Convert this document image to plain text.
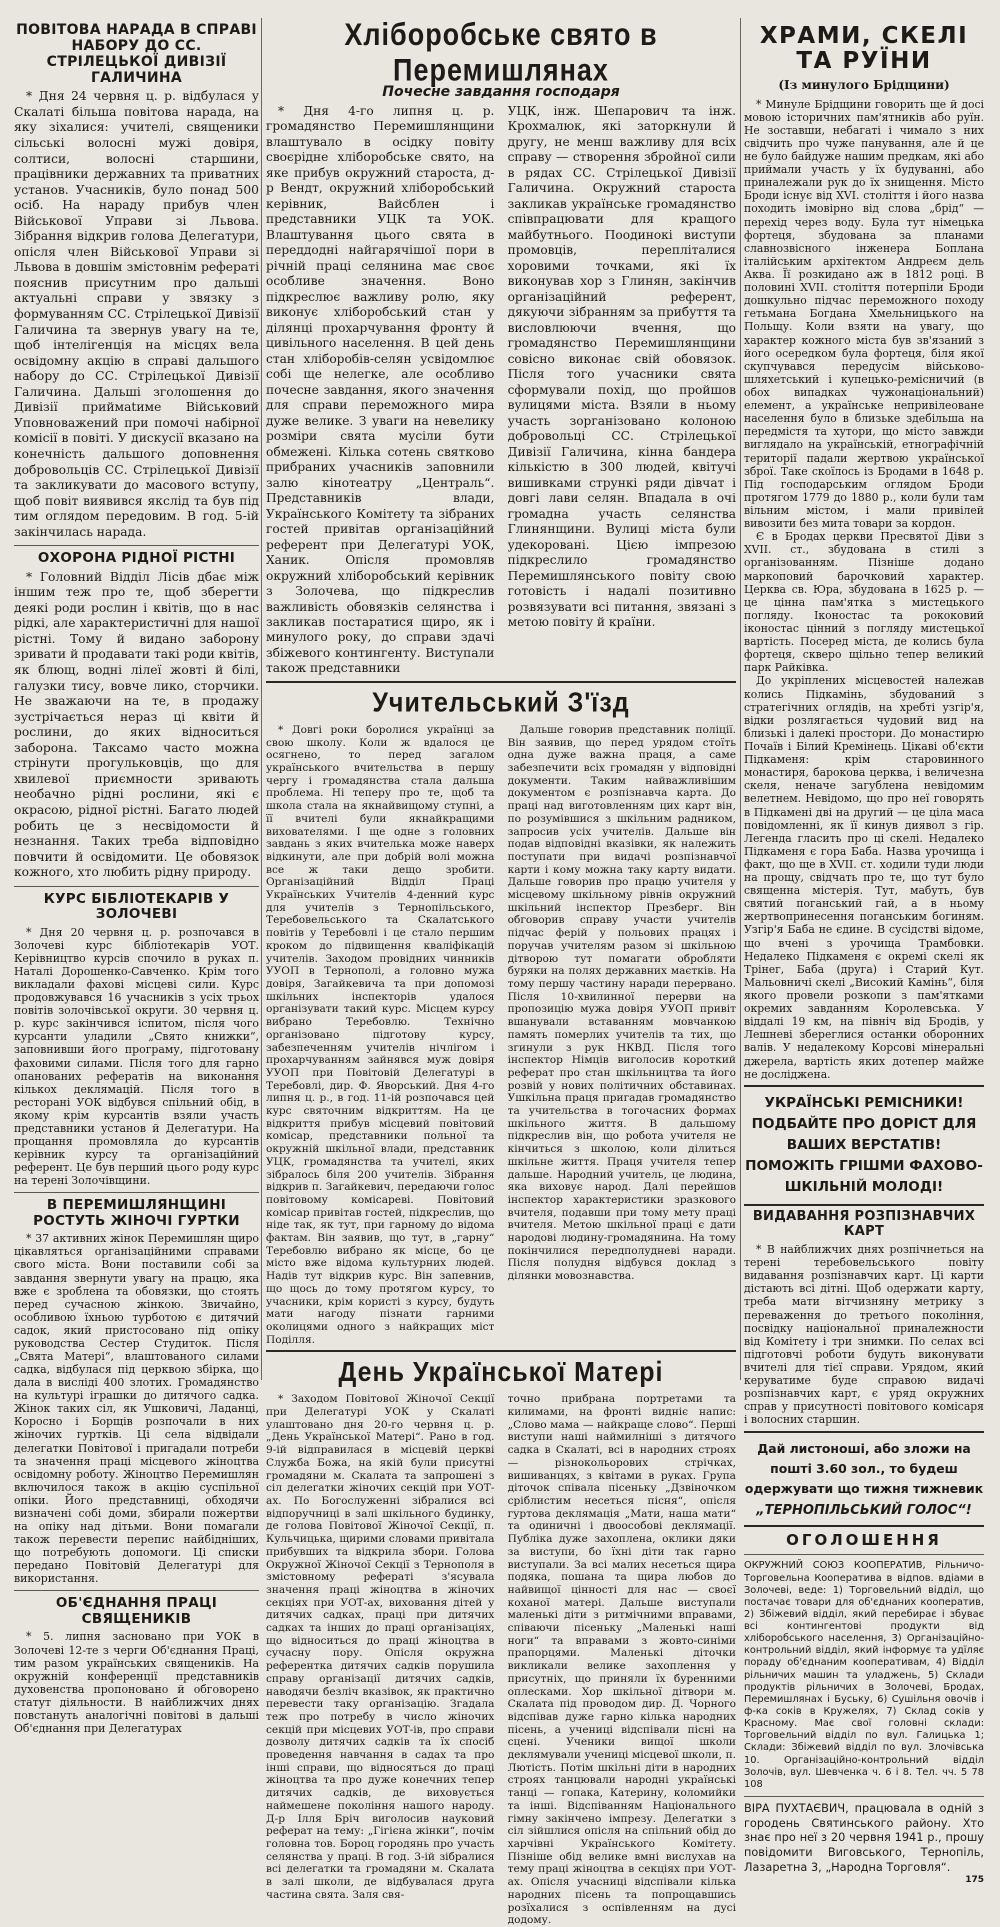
ПОВІТОВА НАРАДА В СПРАВІ НАБОРУ ДО СС. СТРІЛЕЦЬКОЇ ДИВІЗІЇ ГАЛИЧИНА

* Дня 24 червня ц. р. відбулася у Скалаті більша повітова нарада, на яку зіхалися: учителі, священики сільські волосні мужі довіря, солтиси, волосні старшини, працівники державних та приватних установ. Учасників, було понад 500 осіб. На нараду прибув член Військової Управи зі Львова. Зібрання відкрив голова Делегатури, опісля член Військової Управи зі Львова в довшім змістовнім рефераті пояснив присутним про дальші актуальні справи у звязку з формуванням СС. Стрілецької Дивізії Галичина та звернув увагу на те, щоб інтелігенція на місцях вела освідомну акцію в справі дальшого набору до СС. Стрілецької Дивізії Галичина. Дальші зголошення до Дивізії приймаtиме Військовий Уповноважений при помочі набірної комісії в повіті. У дискусії вказано на конечність дальшого доповнення добровольців СС. Стрілецької Дивізії та закликувати до масового вступу, щоб повіт виявився якслід та був під тим оглядом передовим. В год. 5-ій закінчилась нарада.

ОХОРОНА РІДНОЇ РІСТНІ

* Головний Відділ Лісів дбає між іншим теж про те, щоб зберегти деякі роди рослин і квітів, що в нас рідкі, але характеристичні для нашої рістні. Тому й видано заборону зривати й продавати такі роди квітів, як блющ, водні лілеї жовті й білі, галузки тису, вовче лико, сторчики. Не зважаючи на те, в продажу зустрічається нераз ці квіти й рослини, до яких відноситься заборона. Таксамо часто можна стрінути прогульковців, що для хвилевої приємности зривають необачно рідні рослини, які є окрасою, рідної рістні. Багато людей робить це з несвідомости й незнання. Таких треба відповідно повчити й освідомити. Це обовязок кожного, хто любить рідну природу.

КУРС БІБЛІОТЕКАРІВ У ЗОЛОЧЕВІ

* Дня 20 червня ц. р. розпочався в Золочеві курс бібліотекарів УОТ. Керівництво курсів спочило в руках п. Наталі Дорошенко-Савченко. Крім того викладали фахові місцеві сили. Курс продовжувався 16 учасників з усіх трьох повітів золочівської округи. 30 червня ц. р. курс закінчився іспитом, після чого курсанти уладили „Свято книжки“, заповнивши його програму, підготовану фаховими силами. Після того для гарно опанованих рефератів на виконання кількох деклямацій. Після того в ресторані УОК відбувся спільний обід, в якому крім курсантів взяли участь представники установ й Делегатури. На прощання промовляла до курсантів керівник курсу та організаційний референт. Це був перший цього роду курс на терені Золочівщини.

В ПЕРЕМИШЛЯНЩИНІ РОСТУТЬ ЖІНОЧІ ГУРТКИ

* 37 активних жінок Перемишлян щиро цікавляться організаційними справами свого міста. Вони поставили собі за завдання звернути увагу на працю, яка вже є зроблена та обовязки, що стоять перед сучасною жінкою. Звичайно, особливою їхньою турботою є дитячий садок, який пристосовано під опіку руководства Сестер Студиток. Після „Свята Матері“, влаштованого силами садка, відбулася під церквою збірка, що дала в висліді 400 злотих. Громадянство на культурі іграшки до дитячого садка. Жінок таких сіл, як Ушковичі, Ладанці, Коросно і Борщів розпочали в них жіночих гуртків. Ці села відвідали делегатки Повітової і пригадали потреби та значення праці місцевого жіноцтва освідомну роботу. Жіноцтво Перемишлян включилося також в акцію суспільної опіки. Його представниці, обходячи визначені собі доми, збирали пожертви на опіку над дітьми. Вони помагали також перевести перепис найбідніших, що потребують допомоги. Ці списки передано Повітовій Делегатурі для використання.

ОБ'ЄДНАННЯ ПРАЦІ СВЯЩЕНИКІВ

* 5. липня засновано при УОК в Золочеві 12-те з черги Об'єднання Праці, тим разом українських священиків. На окружній конференції представників духовенства пропоновано й обговорено статут діяльности. В найближчих днях повстануть аналогічні повітові в дальші Об'єднання при Делегатурах

Хліборобське свято в Перемишлянах
Почесне завдання господаря

* Дня 4-го липня ц. р. громадянство Перемишлянщини влаштувало в осідку повіту своєрідне хліборобське свято, на яке прибув окружний староста, д-р Вендт, окружний хліборобський керівник, Вайсблен і представники УЦК та УОК. Влаштування цього свята в переддодні найгарячішої пори в річній праці селянина має своє особливе значення. Воно підкреслює важливу ролю, яку виконує хліборобський стан у ділянці прохарчування фронту й цивільного населення. В цей день стан хліборобів-селян усвідомлює собі ще нелегке, але особливо почесне завдання, якого значення для справи переможного мира дуже велике. З уваги на невелику розміри свята мусіли бути обмежені. Кілька сотень святково прибраних учасників заповнили залю кінотеатру „Централь“. Представників влади, Українського Комітету та зібраних гостей привітав організаційний референт при Делегатурі УОК, Ханик. Опісля промовляв окружний хліборобський керівник з Золочева, що підкреслив важливість обовязків селянства і закликав постаратися щиро, як і минулого року, до справи здачі збіжевого контингенту. Виступали також представники

УЦК, інж. Шепарович та інж. Крохмалюк, які заторкнули й другу, не менш важливу для всіх справу — створення збройної сили в рядах СС. Стрілецької Дивізії Галичина. Окружний староста закликав українське громадянство співпрацювати для кращого майбутнього. Поодинокі виступи промовців, перепліталися хоровими точками, які їх виконував хор з Глинян, закінчив організаційний референт, дякуючи зібранням за прибуття та висловлюючи вчення, що громадянство Перемишлянщини совісно виконає свій обовязок. Після того учасники свята сформували похід, що пройшов вулицями міста. Взяли в ньому участь зорганізовано колоною добровольці СС. Стрілецької Дивізії Галичина, кінна бандера кількістю в 300 людей, квітучі вишивками стрункі ряди дівчат і довгі лави селян. Впадала в очі громадна участь селянства Глинянщини. Вулиці міста були удекоровані. Цією імпрезою підкреслило громадянство Перемишлянського повіту свою готовість і надалі позитивно розвязувати всі питання, звязані з метою повіту й країни.

Учительський З'їзд

* Довгі роки боролися українці за свою школу. Коли ж вдалося це осягнено, то перед загалом українського вчительства в першу чергу і громадянства стала дальша проблема. Ні теперу про те, щоб та школа стала на якнайвищому ступні, а її вчителі були якнайкращими вихователями. І ще одне з головних завдань з яких вчителька може наверх відкинути, але при добрій волі можна все ж таки дещо зробити. Організаційний Відділ Праці Українських Учителів 4-денний курс для учителів з Тернопільського, Теребовельського та Скалатського повітів у Теребовлі і це стало першим кроком до підвищення кваліфікацій учителів. Заходом провідних чинників УУОП в Тернополі, а головно мужа довіря, Загайкевича та при допомозі шкільних інспекторів удалося організувати такий курс. Місцем курсу вибрано Теребовлю. Технічно організовано підготову курсу, забезпеченням учителів нічлігом і прохарчуванням зайнявся муж довіря УУОП при Повітовій Делегатурі в Теребовлі, дир. Ф. Яворський. Дня 4-го липня ц. р., в год. 11-ій розпочався цей курс святочним відкриттям. На це відкриття прибув місцевий повітовий комісар, представники польної та окружній шкільної влади, представник УЦК, громадянства та учителі, яких зібралось біля 200 учителів. Зібрання відкрив п. Загайкевич, передаючи голос повітовому комісареві. Повітовий комісар привітав гостей, підкреслив, що ніде так, як тут, при гарному до відома фактам. Він заявив, що тут, в „гарну“ Теребовлю вибрано як місце, бо це місто вже відома культурних людей. Надів тут відкрив курс. Він запевнив, що щось до тому протягом курсу, то учасники, крім користі з курсу, будуть мати нагоду пізнати гарними околицями одного з найкращих міст Поділля.

Дальше говорив представник поліції. Він заявив, що перед урядом стоїть одна дуже важна праця, а саме забезпечити всіх громадян у відповідні документи. Таким найважливішим документом є розпізнавча карта. До праці над виготовленням цих карт він, по розумівшися з шкільним радником, запросив усіх учителів. Дальше він подав відповідні вказівки, як належить поступати при видачі розпізнавчої карти і кому можна таку карту видати. Дальше говорив про працю учителя у місцевому шкільному рівнів окружний шкільний інспектор Презберг. Він обговорив справу участи учителів підчас ферій у польових працях і поручав учителям разом зі шкільною дітворою тут помагати обробляти буряки на полях державних маєтків. На тому першу частину наради перервано. Після 10-хвилинної перерви на пропозицію мужа довіря УУОП привіт вшанували вставанням мовчанкою память померлих учителів та тих, що згинули з рук НКВД. Після того інспектор Німців виголосив короткий реферат про стан шкільництва та його розвій у нових політичних обставинах. Ушкільна праця пригадав громадянство та учительства в тогочасних формах шкільного життя. В дальшому підкреслив він, що робота учителя не кінчиться з школою, коли ділиться шкільне життя. Праця учителя тепер дальше. Народний учитель, це людина, яка виховує народ. Далі перейшов інспектор характеристики зразкового вчителя, подавши при тому мету праці вчителя. Метою шкільної праці є дати народові людину-громадянина. На тому покінчилися передполудневі наради. Після полудня відбувся доклад з ділянки мовознавства.

День Української Матері

* Заходом Повітової Жіночої Секції при Делегатурі УОК у Скалаті улаштовано дня 20-го червня ц. р. „День Української Матері“. Рано в год. 9-ій відправилася в місцевій церкві Служба Божа, на якій були присутні громадяни м. Скалата та запрошені з сіл делегатки жіночих секцій при УОТ-ах. По Богослуженні зібралися всі відпоручниці в залі шкільного будинку, де голова Повітової Жіночої Секції, п. Кульчицька, щирими словами привітала прибувших та відкрила збори. Голова Окружної Жіночої Секції з Тернополя в змістовному рефераті з'ясувала значення праці жіноцтва в жіночих секціях при УОТ-ах, виховання дітей у дитячих садках, праці при дитячих садках та інших до праці організаціях, що відноситься до праці жіноцтва в сучасну пору. Опісля окружна референтка дитячих садків порушила справу організації дитячих садків, наводячи безліч вказівок, як практично перевести таку організацію. Згадала теж про потребу в число жіночих секцій при місцевих УОТ-ів, про справи дозволу дитячих садків та їх спосіб проведення навчання в садах та про інші справи, що відносяться до праці жіноцтва та про дуже конечних тепер дитячих садків, де виховується наймешене покоління нашого народу. Д-р Ілля Бріч виголосив науковий реферат на тему: „Гігієна жінки“, почім головна тов. Бороц городянь про участь селянства у праці. В год. 3-ій зібралися всі делегатки та громадяни м. Скалата в залі школи, де відбувалася друга частина свята. Заля свя-

точно прибрана портретами та килимами, на фронті видніє напис: „Слово мама — найкраще слово“. Перші виступи наші наймилніші з дитячого садка в Скалаті, всі в народних строях — різнокольорових стрічках, вишиванцях, з квітами в руках. Група діточок співала пісеньку „Дзвіночком сріблистим несеться пісня“, опісля гуртова деклямація „Мати, наша мати“ та одиничні і двоособові деклямації. Публіка дуже захоплена, оклики дяки за виступи, бо їхні діти так гарно виступали. За всі малих несеться щира подяка, пошана та щира любов до найвищої цінності для нас — своєї коханої матері. Дальше виступали маленькі діти з ритмічними вправами, співаючи пісеньку „Маленькі наші ноги“ та вправами з жовто-синіми прапорцями. Маленькі діточки викликали велике захоплення у присутніх, що приняли їх буренними оплесками. Хор шкільної дітвори м. Скалата під проводом дир. Д. Чорного відспівав дуже гарно кілька народних пісень, а учениці відспівали пісні на сцені. Ученики вищої школи деклямували учениці місцевої школи, п. Лютість. Потім шкільні діти в народних строях танцювали народні українські танці — гопака, Катерину, коломийки та інші. Відспіванням Національного гімну закінчено імпрезу. Делегатки з сіл зійшлися опісля на спільний обід до харчівні Українського Комітету. Пізніше обід велике вмні вислухав на тему праці жіноцтва в секціях при УОТ-ах. Опісля учасниці відспівали кілька народних пісень та попрощавшись розїхалися з оспівленням на дусі додому.

ХРАМИ, СКЕЛІ ТА РУЇНИ
(Із минулого Брідщини)

* Минуле Брідщини говорить ще й досі мовою історичних пам'ятників або руїн. Не зоставши, небагаті і чимало з них свідчить про чуже панування, але й це не було байдуже нашим предкам, які або приймали участь у їх будуванні, або приналежали рук до їх знищення. Місто Броди існує від XVI. століття і його назва походить імовірно від слова „брід“ — перехід через воду. Була тут німецька фортеця, збудована за планами славнозвісного інженера Боплана італійським архітектом Андреєм дель Аква. Її розкидано аж в 1812 році. В половині XVII. століття потерпіли Броди дошкульно підчас переможного походу гетьмана Богдана Хмельницького на Польщу. Коли взяти на увагу, що характер кожного міста був зв'язаний з його осередком була фортеця, біля якої скупчувався передусім військово-шляхетський і купецько-ремісничий (в обох випадках чужонаціональний) елемент, а українське непривілеоване населення було в близьке здебільша на передмістя та хутори, що місто завжди виглядало на українській, етнографічній території падали жертвою української зброї. Таке скоїлось із Бродами в 1648 р. Під господарським оглядом Броди протягом 1779 до 1880 р., коли були там вільним містом, і мали привілей вивозити без мита товари за кордон.

Є в Бродах церкви Пресвятої Діви з XVII. ст., збудована в стилі з організованням. Пізніше додано маркоповий барочковий характер. Церква св. Юра, збудована в 1625 р. — це цінна пам'ятка з мистецького погляду. Іконостас та рококовий іконостас цінний з погляду мистецької вартість. Посеред міста, де колись була фортеця, скверо щільно тепер великий парк Райківка.

До укріплених місцевостей належав колись Підкамінь, збудований з стратегічних оглядів, на хребті узгір'я, відки розлягається чудовий вид на близькі і далекі простори. До монастирю Почаїв і Білий Кремінець. Цікаві об'єкти Підкаменя: крім старовинного монастиря, барокова церква, і величезна скеля, неначе загублена невідомим велетнем. Невідомо, що про неї говорять в Підкамені дві на другий — це ціла маса повідомленні, як її кинув диявол з гір. Легенда гласить про ці скелі. Недалеко Підкаменя є гора Баба. Назва урочища і факт, що ще в XVII. ст. ходили туди люди на прощу, свідчать про те, що тут було священна містерія. Тут, мабуть, був святий поганський гай, а в ньому жертвопринесення поганським богиням. Узгір'я Баба не єдине. В сусідстві відоме, що вчені з урочища Трамбовки. Недалеко Підкаменя є окремі скелі як Трінег, Баба (друга) і Старий Кут. Мальовничі скелі „Високий Камінь“, біля якого провели розкопи з пам'ятками окремих завданням Королевська. У віддалі 19 км, на північ від Бродів, у Лешневі збереглися останки оборонних валів. У недалекому Корсові мінеральні джерела, вартість яких дотепер майже не досліджена.

УКРАЇНСЬКІ РЕМІСНИКИ! ПОДБАЙТЕ ПРО ДОРІСТ ДЛЯ ВАШИХ ВЕРСТАТІВ! ПОМОЖІТЬ ГРІШМИ ФАХОВО-ШКІЛЬНІЙ МОЛОДІ!
ВИДАВАННЯ РОЗПІЗНАВЧИХ КАРТ

* В найближчих днях розпічнеться на терені теребовельського повіту видавання розпізнавчих карт. Ці карти дістають всі дітні. Щоб одержати карту, треба мати вітчизняну метрику з переваження до третього покоління, посвідку національної приналежности від Комітету і три знимки. По селах всі підготовчі роботи будуть виконувати вчителі для тієї справи. Урядом, який керуватиме буде справою видачі розпізнавчих карт, є уряд окружних справ у присутності повітового комісаря і волосних старшин.

Дай листоноші, або зложи на пошті 3.60 зол., то будеш одержувати що тижня тижневик
„ТЕРНОПІЛЬСЬКИЙ ГОЛОС“!
ОГОЛОШЕННЯ
ОКРУЖНИЙ СОЮЗ КООПЕРАТИВ, Рільничо-Торговельна Кооператива в відпов. вдіами в Золочеві, веде: 1) Торговельний відділ, що постачає товари для об'єднаних кооператив, 2) Збіжевий відділ, який перебирає і збуває всі контингентові продукти від хліборобського населення, 3) Організаційно-контрольний відділ, який інформує та удїляє пораду об'єднаним кооперативам, 4) Відділ рільничих машин та уладжень, 5) Склади продуктів рільничих в Золочеві, Бродах, Перемишлянах і Буську, 6) Сушільня овочів і ф-ка соків в Кружелях, 7) Склад соків у Красному. Має свої головні склади: Торговельний відділ по вул. Галицька 1; Склади: Збіжевий відділ по вул. Злочівська 10. Організаційно-контрольний відділ Золочів, вул. Шевченка ч. 6 і 8. Тел. чч. 5 78 108
ВІРА ПУХТАЄВИЧ, працювала в одній з городень Святинського району. Хто знає про неї з 20 червня 1941 р., прошу повідомити Виговського, Тернопіль, Лазаретна 3, „Народна Торговля“.
175
